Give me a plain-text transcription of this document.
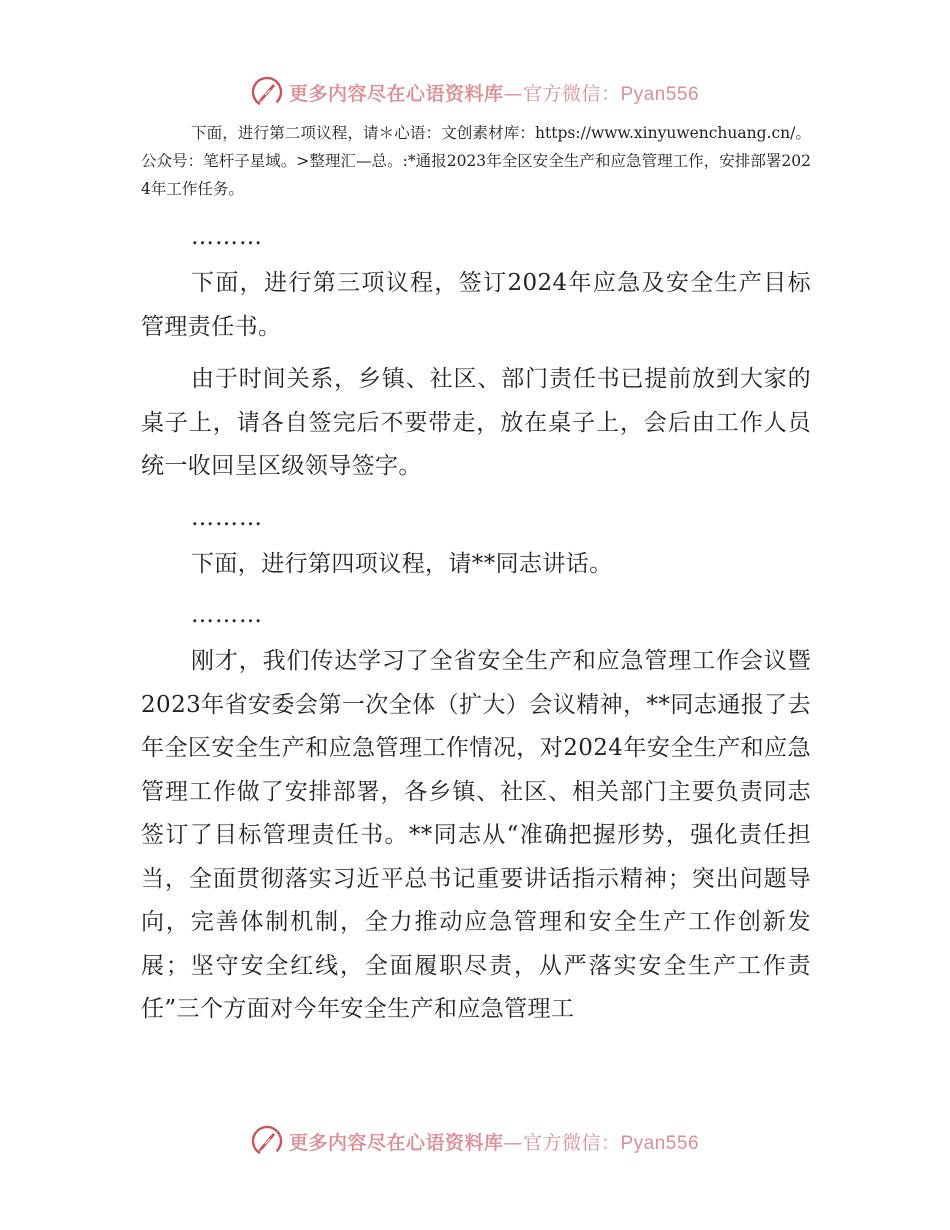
更多内容尽在心语资料库—官方微信：Pyan556

下面，进行第二项议程，请＊心语：文创素材库：https://www.xinyuwenchuang.cn/。公众号：笔杆子星域。>整理汇—总。:*通报2023年全区安全生产和应急管理工作，安排部署2024年工作任务。

………

下面，进行第三项议程，签订2024年应急及安全生产目标管理责任书。

由于时间关系，乡镇、社区、部门责任书已提前放到大家的桌子上，请各自签完后不要带走，放在桌子上，会后由工作人员统一收回呈区级领导签字。

………

下面，进行第四项议程，请**同志讲话。

………

刚才，我们传达学习了全省安全生产和应急管理工作会议暨2023年省安委会第一次全体（扩大）会议精神，**同志通报了去年全区安全生产和应急管理工作情况，对2024年安全生产和应急管理工作做了安排部署，各乡镇、社区、相关部门主要负责同志签订了目标管理责任书。**同志从“准确把握形势，强化责任担当，全面贯彻落实习近平总书记重要讲话指示精神；突出问题导向，完善体制机制，全力推动应急管理和安全生产工作创新发展；坚守安全红线，全面履职尽责，从严落实安全生产工作责任”三个方面对今年安全生产和应急管理工

更多内容尽在心语资料库—官方微信：Pyan556
